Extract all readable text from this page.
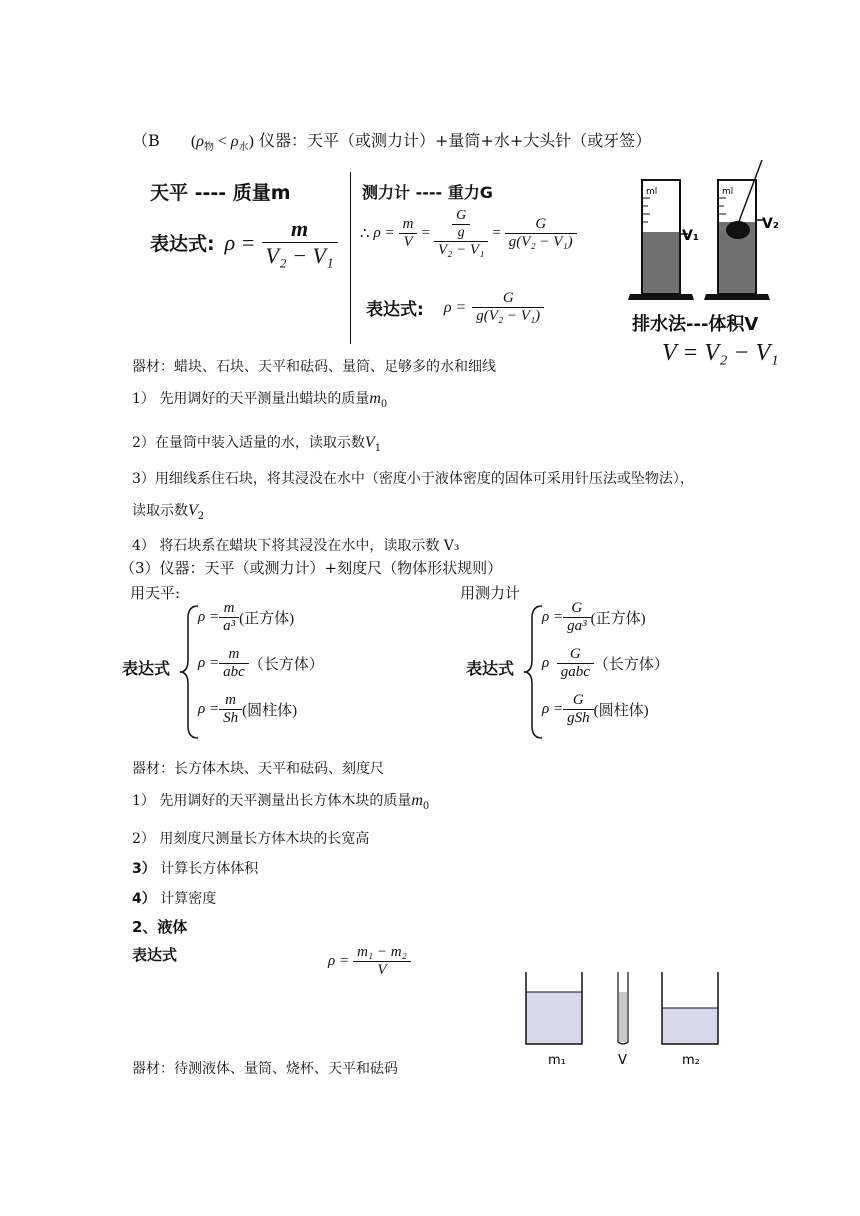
（B $(\rho_物 < \rho_水)$ 仪器：天平（或测力计）+量筒+水+大头针（或牙签）
天平 ---- 质量m
表达式: $\rho = \frac{m}{\text{V₂ − V₁}}$
测力计 ---- 重力G
∴ $\rho = \frac{m}{V} = \frac{\frac{G}{g}}{\text{V₂ − V₁}} = \frac{G}{\text{g(V₂ − V₁)}}$
表达式: $\rho = \frac{G}{\text{g(V₂ − V₁)}}$
ml
V₁
ml
V₂
排水法---体积V
V = V₂ − V₁
器材：蜡块、石块、天平和砝码、量筒、足够多的水和细线
1） 先用调好的天平测量出蜡块的质量$m_0$
2）在量筒中装入适量的水，读取示数$V_1$
3）用细线系住石块，将其浸没在水中（密度小于液体密度的固体可采用针压法或坠物法），
读取示数$V_2$
4） 将石块系在蜡块下将其浸没在水中，读取示数 V₃
（3）仪器：天平（或测力计）+刻度尺（物体形状规则）
用天平:	用测力计
表达式
$\rho = \frac{m}{\text{a³}}$ (正方体)
$\rho = \frac{m}{\text{abc}}$ （长方体）
$\rho = \frac{m}{Sh}$ (圆柱体)
表达式
$\rho = \frac{G}{\text{ga³}}$ (正方体)
ρ $\frac{G}{\text{gabc}}$ （长方体）
$\rho = \frac{G}{\text{gSh}}$ (圆柱体)
器材：长方体木块、天平和砝码、刻度尺
1） 先用调好的天平测量出长方体木块的质量$m_0$
2） 用刻度尺测量长方体木块的长宽高
3） 计算长方体体积
4） 计算密度
2、液体
表达式	$\rho = \frac{\text{m₁ − m₂}}{V}$
m₁	V	m₂
器材：待测液体、量筒、烧杯、天平和砝码
